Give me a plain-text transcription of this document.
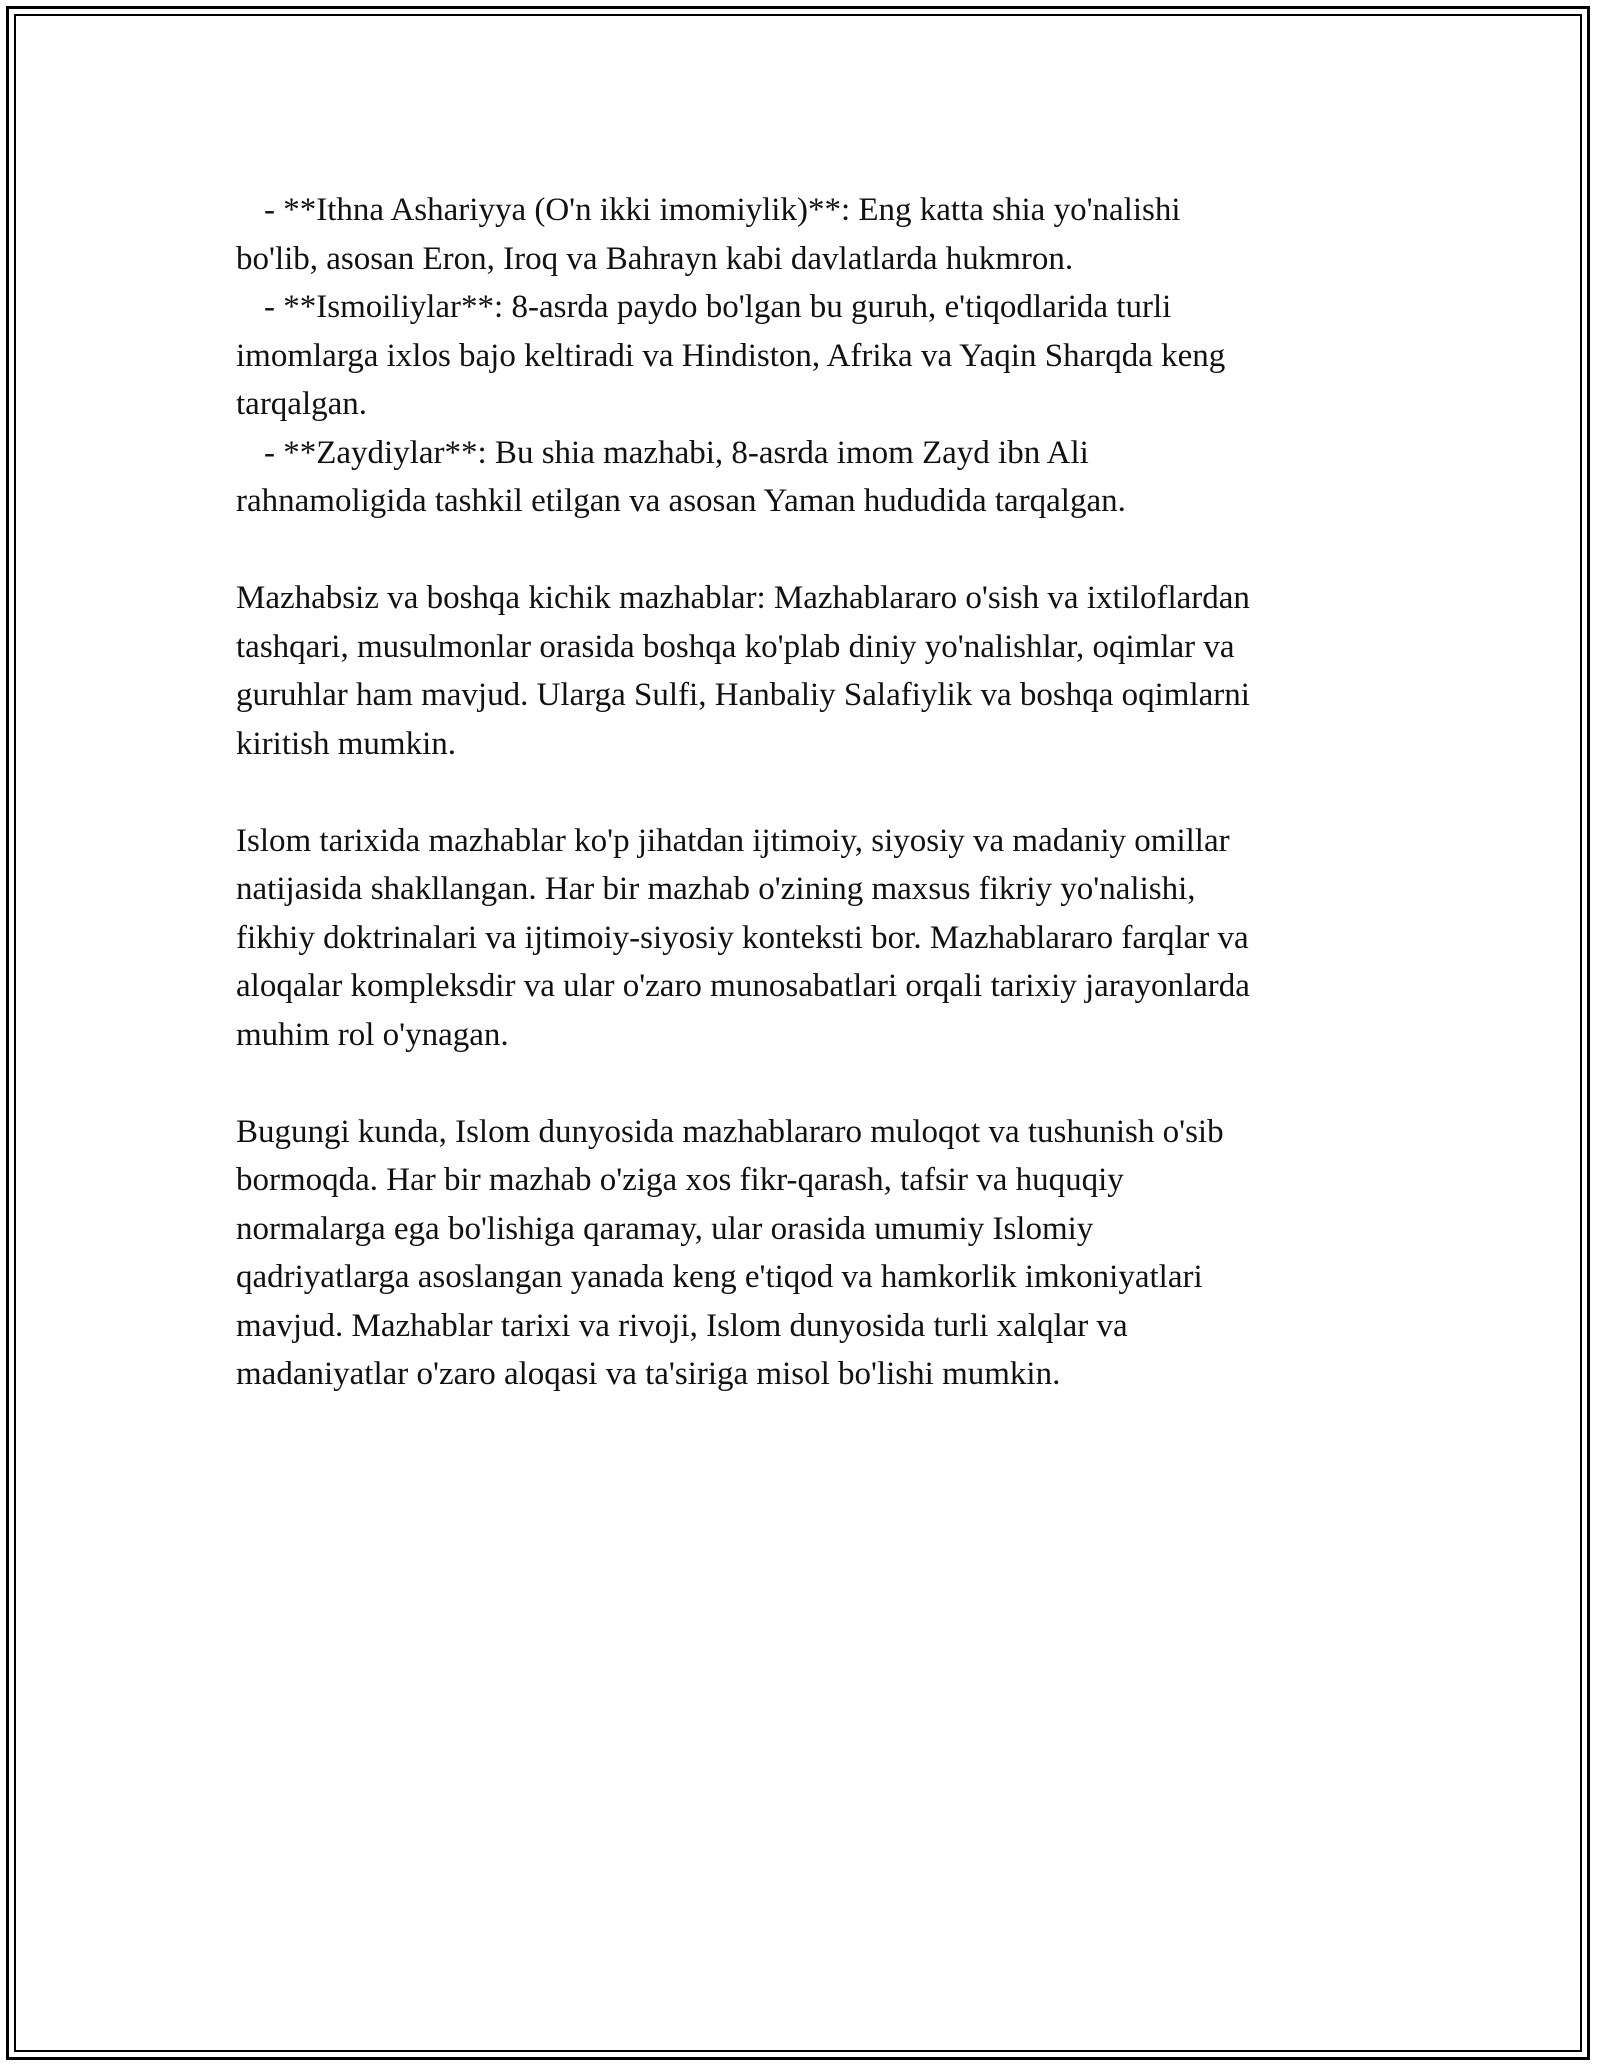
- **Ithna Ashariyya (O'n ikki imomiylik)**: Eng katta shia yo'nalishi
bo'lib, asosan Eron, Iroq va Bahrayn kabi davlatlarda hukmron.
- **Ismoiliylar**: 8-asrda paydo bo'lgan bu guruh, e'tiqodlarida turli
imomlarga ixlos bajo keltiradi va Hindiston, Afrika va Yaqin Sharqda keng
tarqalgan.
- **Zaydiylar**: Bu shia mazhabi, 8-asrda imom Zayd ibn Ali
rahnamoligida tashkil etilgan va asosan Yaman hududida tarqalgan.
Mazhabsiz va boshqa kichik mazhablar: Mazhablararo o'sish va ixtiloflardan
tashqari, musulmonlar orasida boshqa ko'plab diniy yo'nalishlar, oqimlar va
guruhlar ham mavjud. Ularga Sulfi, Hanbaliy Salafiylik va boshqa oqimlarni
kiritish mumkin.
Islom tarixida mazhablar ko'p jihatdan ijtimoiy, siyosiy va madaniy omillar
natijasida shakllangan. Har bir mazhab o'zining maxsus fikriy yo'nalishi,
fikhiy doktrinalari va ijtimoiy-siyosiy konteksti bor. Mazhablararo farqlar va
aloqalar kompleksdir va ular o'zaro munosabatlari orqali tarixiy jarayonlarda
muhim rol o'ynagan.
Bugungi kunda, Islom dunyosida mazhablararo muloqot va tushunish o'sib
bormoqda. Har bir mazhab o'ziga xos fikr-qarash, tafsir va huquqiy
normalarga ega bo'lishiga qaramay, ular orasida umumiy Islomiy
qadriyatlarga asoslangan yanada keng e'tiqod va hamkorlik imkoniyatlari
mavjud. Mazhablar tarixi va rivoji, Islom dunyosida turli xalqlar va
madaniyatlar o'zaro aloqasi va ta'siriga misol bo'lishi mumkin.
